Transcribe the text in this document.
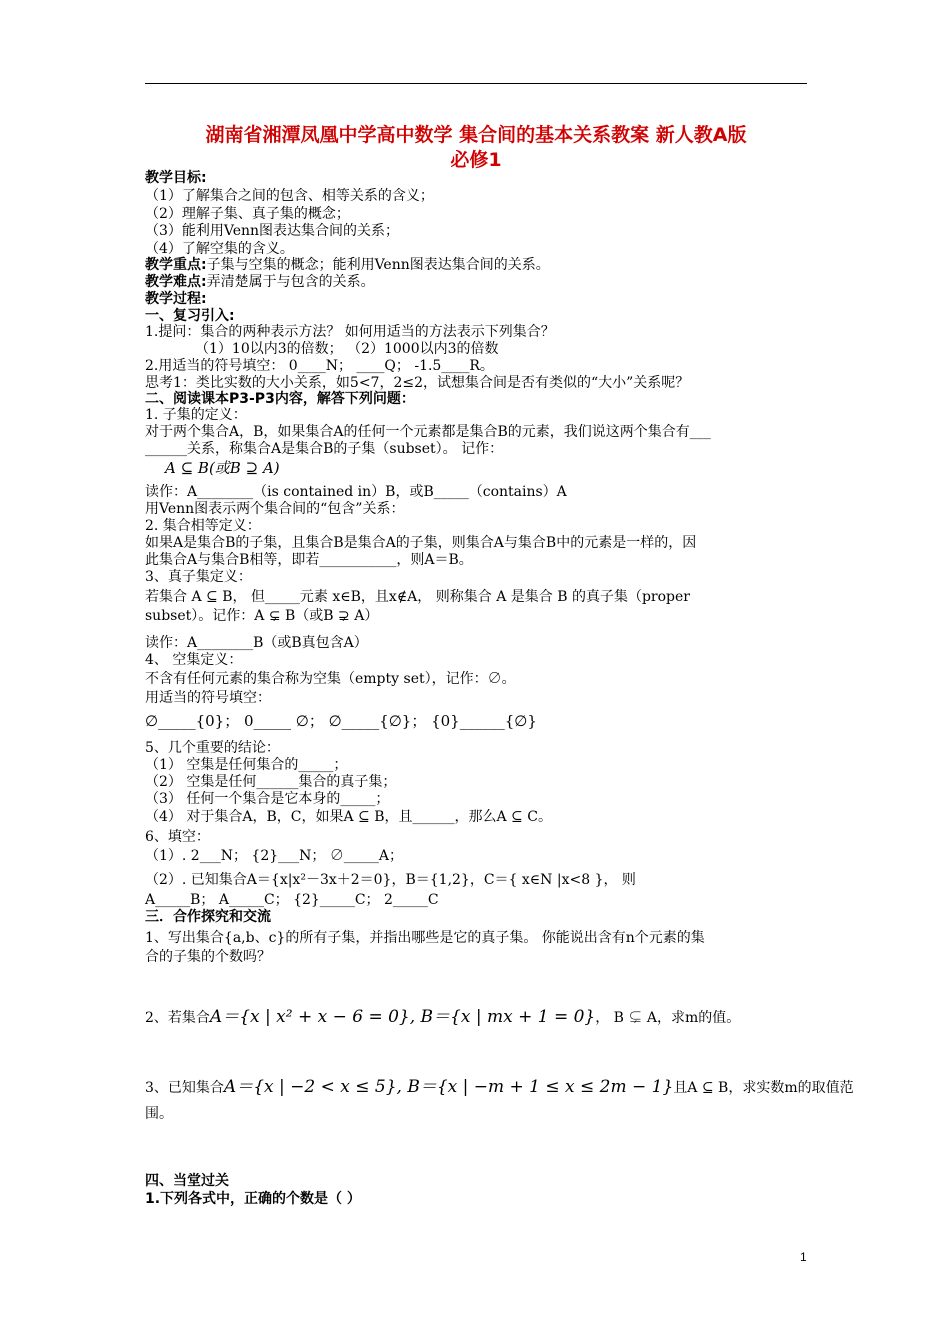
湖南省湘潭凤凰中学高中数学 集合间的基本关系教案 新人教A版
必修1
教学目标:
（1）了解集合之间的包含、相等关系的含义；
（2）理解子集、真子集的概念；
（3）能利用Venn图表达集合间的关系；
（4）了解空集的含义。
教学重点:子集与空集的概念；能利用Venn图表达集合间的关系。
教学难点:弄清楚属于与包含的关系。
教学过程:
一、复习引入:
1.提问：集合的两种表示方法？ 如何用适当的方法表示下列集合？
（1）10以内3的倍数； （2）1000以内3的倍数
2.用适当的符号填空： 0____N； ____Q； -1.5____R。
思考1：类比实数的大小关系，如5<7，2≤2，试想集合间是否有类似的“大小”关系呢？
二、阅读课本P3-P3内容，解答下列问题：
1. 子集的定义：
对于两个集合A，B，如果集合A的任何一个元素都是集合B的元素，我们说这两个集合有___
______关系，称集合A是集合B的子集（subset）。 记作：
A ⊆ B(或B ⊇ A)
读作：A________（is contained in）B，或B_____（contains）A
用Venn图表示两个集合间的“包含”关系：
2. 集合相等定义：
如果A是集合B的子集，且集合B是集合A的子集，则集合A与集合B中的元素是一样的，因
此集合A与集合B相等，即若___________，则A＝B。
3、真子集定义：
若集合 A ⊆ B， 但_____元素 x∈B，且x∉A， 则称集合 A 是集合 B 的真子集（proper
subset）。记作：A ⊊ B（或B ⊋ A）
读作：A________B（或B真包含A）
4、 空集定义：
不含有任何元素的集合称为空集（empty set），记作：∅。
用适当的符号填空：
∅_____{0}； 0_____ ∅； ∅_____{∅}； {0}______{∅}
5、几个重要的结论：
（1） 空集是任何集合的_____；
（2） 空集是任何______集合的真子集；
（3） 任何一个集合是它本身的_____；
（4） 对于集合A，B，C，如果A ⊆ B，且______，那么A ⊆ C。
6、填空：
（1）. 2___N； {2}___N； ∅_____A；
（2）. 已知集合A＝{x|x²－3x＋2＝0}，B＝{1,2}，C＝{ x∈N |x<8 }， 则
A_____B； A_____C； {2}_____C； 2_____C
三．合作探究和交流
1、写出集合{a,b、c}的所有子集，并指出哪些是它的真子集。 你能说出含有n个元素的集
合的子集的个数吗？
2、若集合A＝{x | x² + x − 6 = 0}, B＝{x | mx + 1 = 0}， B ⊊ A，求m的值。
3、已知集合A＝{x | −2 < x ≤ 5}, B＝{x | −m + 1 ≤ x ≤ 2m − 1}且A ⊆ B，求实数m的取值范
围。
四、当堂过关
1.下列各式中，正确的个数是（ ）
1
